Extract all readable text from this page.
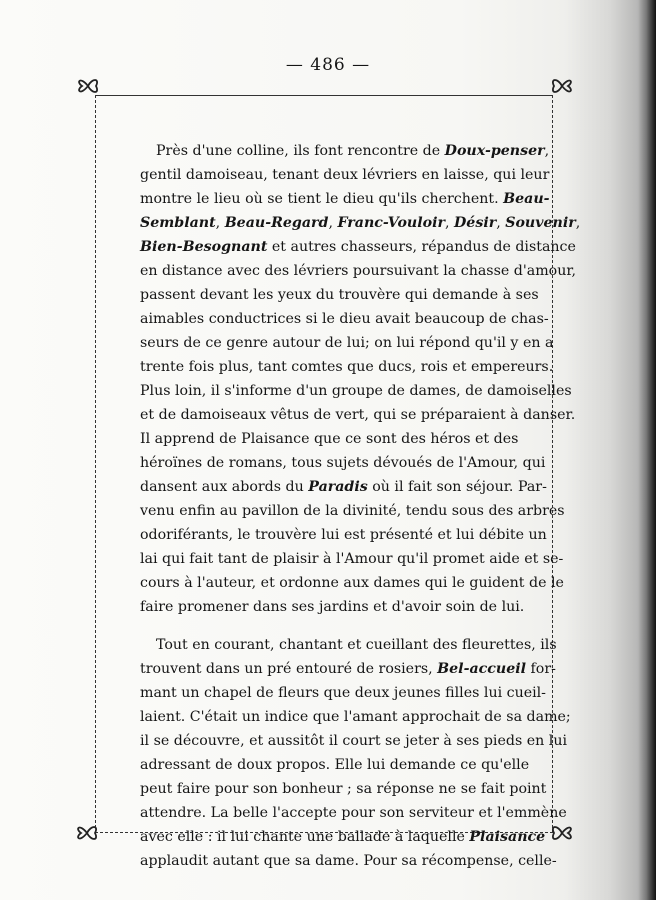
— 486 —
Près d'une colline, ils font rencontre de Doux-penser,
gentil damoiseau, tenant deux lévriers en laisse, qui leur
montre le lieu où se tient le dieu qu'ils cherchent. Beau-
Semblant, Beau-Regard, Franc-Vouloir, Désir, Souvenir,
Bien-Besognant et autres chasseurs, répandus de distance
en distance avec des lévriers poursuivant la chasse d'amour,
passent devant les yeux du trouvère qui demande à ses
aimables conductrices si le dieu avait beaucoup de chas-
seurs de ce genre autour de lui; on lui répond qu'il y en a
trente fois plus, tant comtes que ducs, rois et empereurs.
Plus loin, il s'informe d'un groupe de dames, de damoiselles
et de damoiseaux vêtus de vert, qui se préparaient à danser.
Il apprend de Plaisance que ce sont des héros et des
héroïnes de romans, tous sujets dévoués de l'Amour, qui
dansent aux abords du Paradis où il fait son séjour. Par-
venu enfin au pavillon de la divinité, tendu sous des arbres
odoriférants, le trouvère lui est présenté et lui débite un
lai qui fait tant de plaisir à l'Amour qu'il promet aide et se-
cours à l'auteur, et ordonne aux dames qui le guident de le
faire promener dans ses jardins et d'avoir soin de lui.
Tout en courant, chantant et cueillant des fleurettes, ils
trouvent dans un pré entouré de rosiers, Bel-accueil for-
mant un chapel de fleurs que deux jeunes filles lui cueil-
laient. C'était un indice que l'amant approchait de sa dame;
il se découvre, et aussitôt il court se jeter à ses pieds en lui
adressant de doux propos. Elle lui demande ce qu'elle
peut faire pour son bonheur ; sa réponse ne se fait point
attendre. La belle l'accepte pour son serviteur et l'emmène
avec elle : il lui chante une ballade à laquelle Plaisance
applaudit autant que sa dame. Pour sa récompense, celle-
